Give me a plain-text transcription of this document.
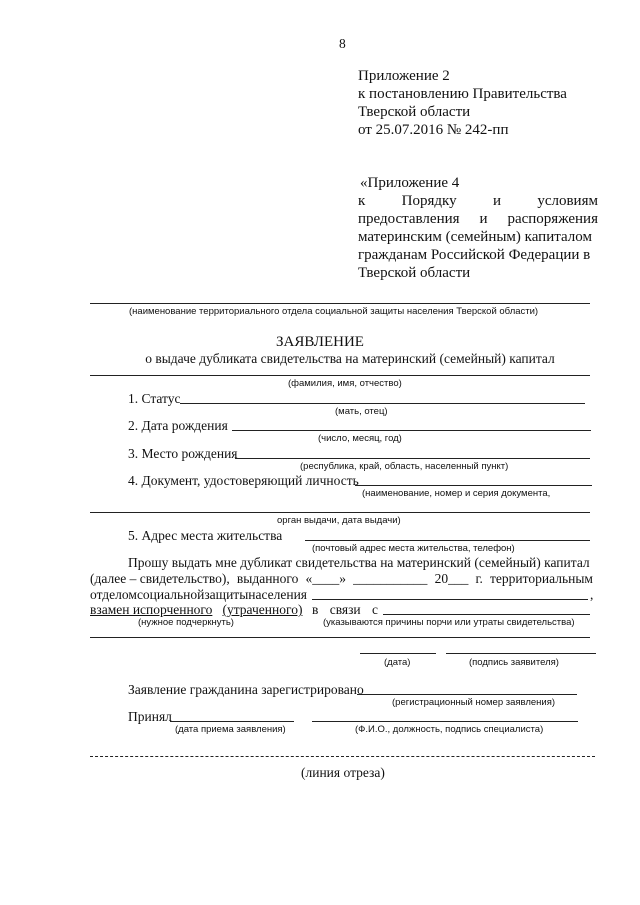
8
Приложение 2
к постановлению Правительства
Тверской области
от 25.07.2016 № 242-пп
«Приложение 4
к Порядку и условиям
предоставления и распоряжения
материнским (семейным) капиталом
гражданам Российской Федерации в
Тверской области
(наименование территориального отдела социальной защиты населения Тверской области)
ЗАЯВЛЕНИЕ
о выдаче дубликата свидетельства на материнский (семейный) капитал
(фамилия, имя, отчество)
1. Статус
(мать, отец)
2. Дата рождения
(число, месяц, год)
3. Место рождения
(республика, край, область, населенный пункт)
4. Документ, удостоверяющий личность
(наименование, номер и серия документа,
орган выдачи, дата выдачи)
5. Адрес места жительства
(почтовый адрес места жительства, телефон)
Прошу выдать мне дубликат свидетельства на материнский (семейный) капитал
(далее – свидетельство), выданного «____» ___________ 20___ г. территориальным
отделом социальной защиты населения	,
взамен испорченного (утраченного) в связи с
(нужное подчеркнуть)	(указываются причины порчи или утраты свидетельства)
(дата)	(подпись заявителя)
Заявление гражданина зарегистрировано
(регистрационный номер заявления)
Принял
(дата приема заявления)	(Ф.И.О., должность, подпись специалиста)
(линия отреза)
